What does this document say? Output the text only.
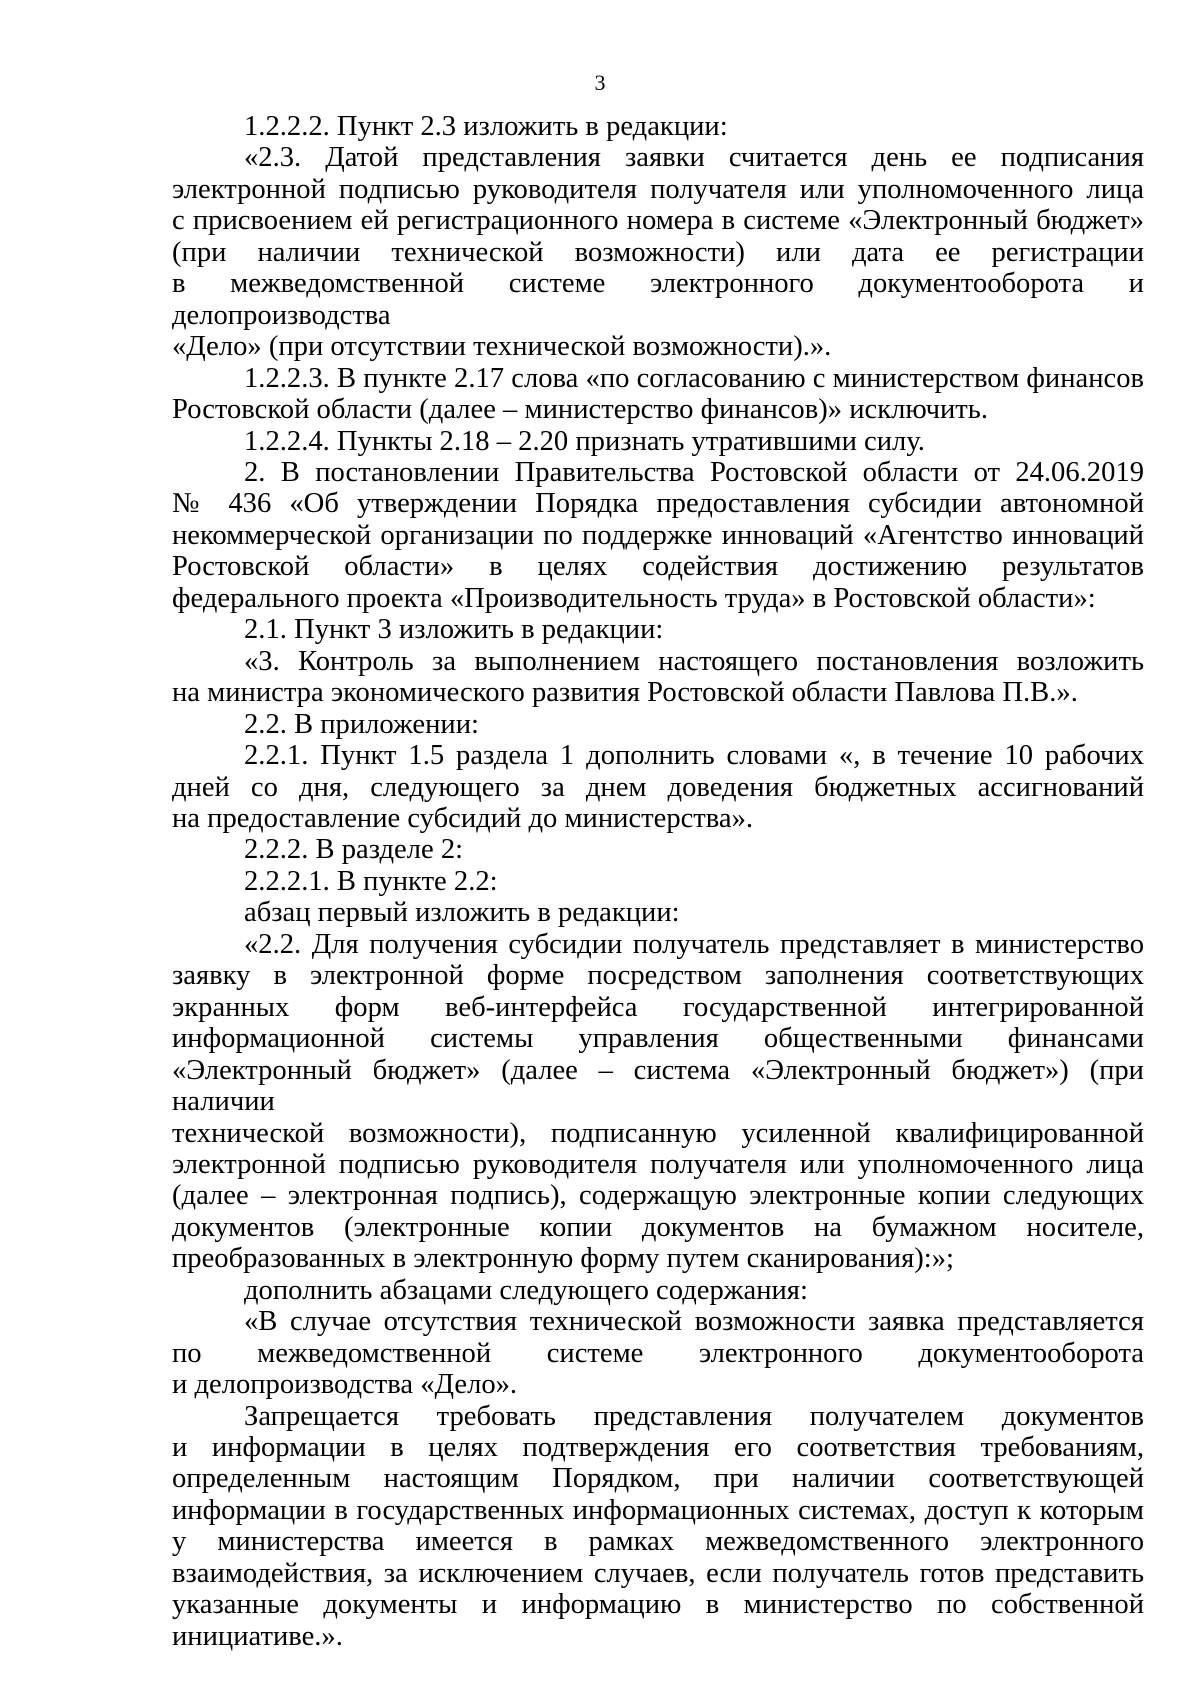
3

1.2.2.2. Пункт 2.3 изложить в редакции:

«2.3. Датой представления заявки считается день ее подписания

электронной подписью руководителя получателя или уполномоченного лица

с присвоением ей регистрационного номера в системе «Электронный бюджет»

(при наличии технической возможности) или дата ее регистрации

в межведомственной системе электронного документооборота и делопроизводства

«Дело» (при отсутствии технической возможности).».

1.2.2.3. В пункте 2.17 слова «по согласованию с министерством финансов

Ростовской области (далее – министерство финансов)» исключить.

1.2.2.4. Пункты 2.18 – 2.20 признать утратившими силу.

2. В постановлении Правительства Ростовской области от 24.06.2019

№ 436 «Об утверждении Порядка предоставления субсидии автономной

некоммерческой организации по поддержке инноваций «Агентство инноваций

Ростовской области» в целях содействия достижению результатов

федерального проекта «Производительность труда» в Ростовской области»:

2.1. Пункт 3 изложить в редакции:

«3. Контроль за выполнением настоящего постановления возложить

на министра экономического развития Ростовской области Павлова П.В.».

2.2. В приложении:

2.2.1. Пункт 1.5 раздела 1 дополнить словами «, в течение 10 рабочих

дней со дня, следующего за днем доведения бюджетных ассигнований

на предоставление субсидий до министерства».

2.2.2. В разделе 2:

2.2.2.1. В пункте 2.2:

абзац первый изложить в редакции:

«2.2. Для получения субсидии получатель представляет в министерство

заявку в электронной форме посредством заполнения соответствующих

экранных форм веб-интерфейса государственной интегрированной

информационной системы управления общественными финансами

«Электронный бюджет» (далее – система «Электронный бюджет») (при наличии

технической возможности), подписанную усиленной квалифицированной

электронной подписью руководителя получателя или уполномоченного лица

(далее – электронная подпись), содержащую электронные копии следующих

документов (электронные копии документов на бумажном носителе,

преобразованных в электронную форму путем сканирования):»;

дополнить абзацами следующего содержания:

«В случае отсутствия технической возможности заявка представляется

по межведомственной системе электронного документооборота

и делопроизводства «Дело».

Запрещается требовать представления получателем документов

и информации в целях подтверждения его соответствия требованиям,

определенным настоящим Порядком, при наличии соответствующей

информации в государственных информационных системах, доступ к которым

у министерства имеется в рамках межведомственного электронного

взаимодействия, за исключением случаев, если получатель готов представить

указанные документы и информацию в министерство по собственной

инициативе.».
